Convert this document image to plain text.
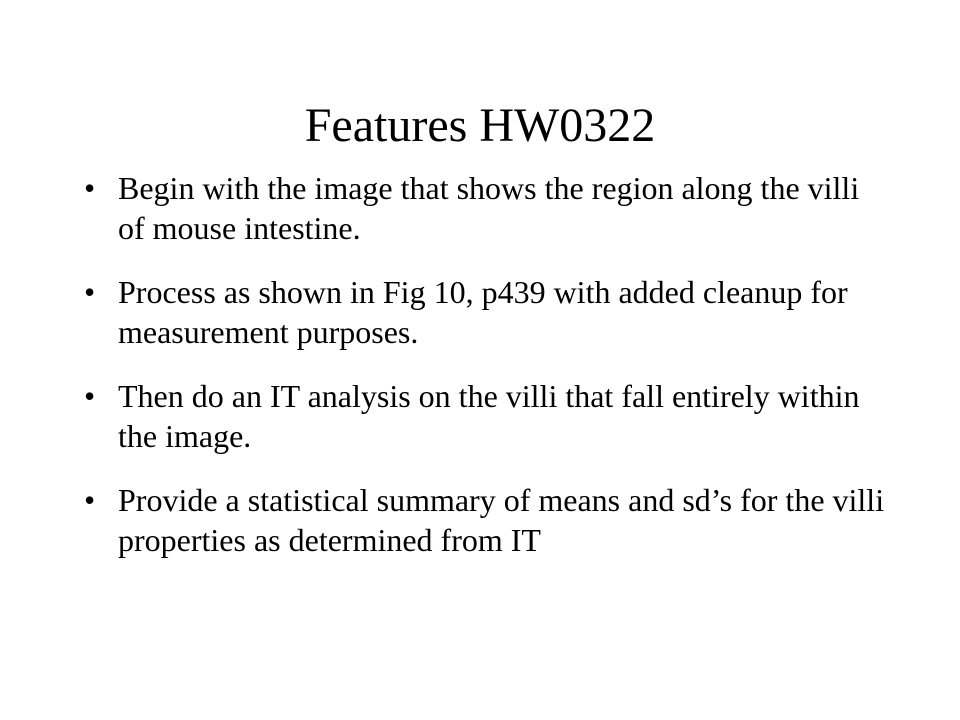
Features HW0322
• Begin with the image that shows the region along the villi of mouse intestine.
• Process as shown in Fig 10, p439 with added cleanup for measurement purposes.
• Then do an IT analysis on the villi that fall entirely within the image.
• Provide a statistical summary of means and sd’s for the villi properties as determined from IT
